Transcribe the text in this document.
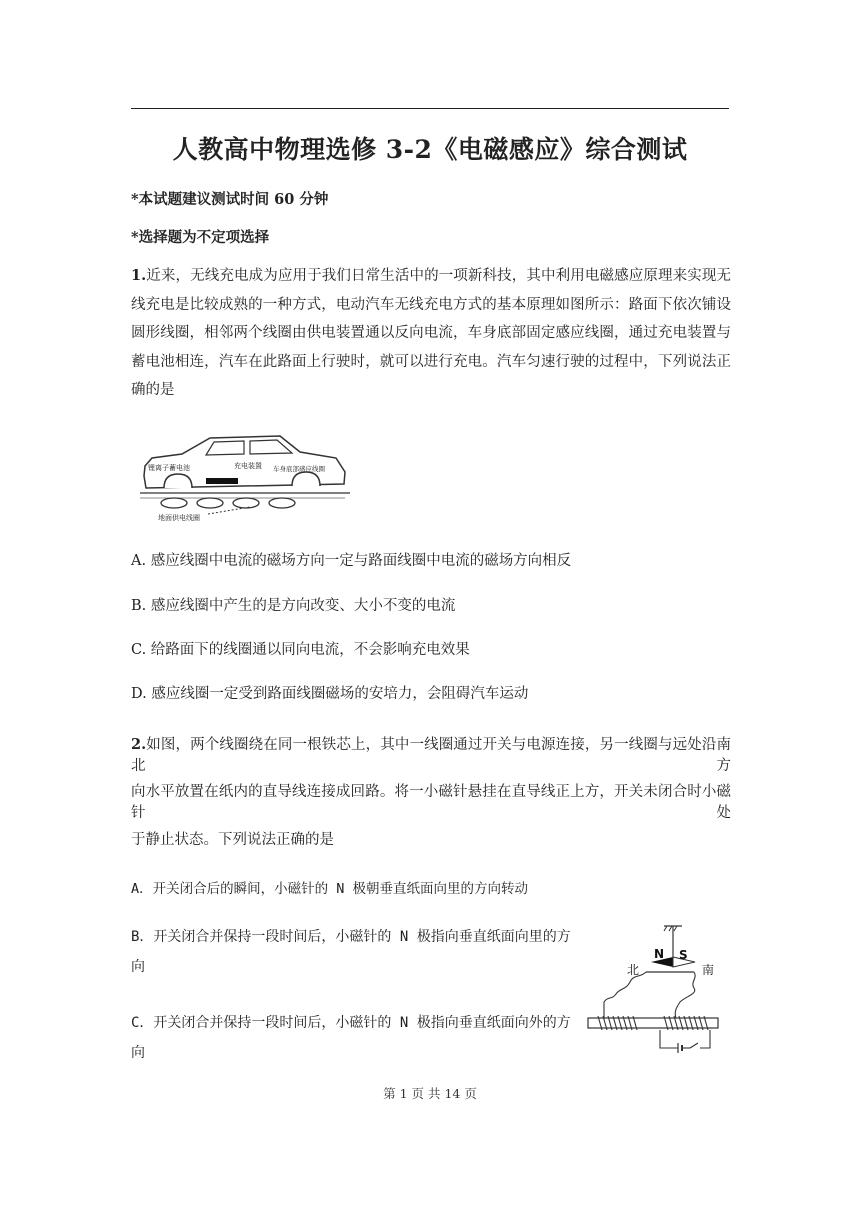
人教高中物理选修 3-2《电磁感应》综合测试
*本试题建议测试时间 60 分钟
*选择题为不定项选择
1.近来，无线充电成为应用于我们日常生活中的一项新科技，其中利用电磁感应原理来实现无线充电是比较成熟的一种方式，电动汽车无线充电方式的基本原理如图所示：路面下依次铺设圆形线圈，相邻两个线圈由供电装置通以反向电流，车身底部固定感应线圈，通过充电装置与蓄电池相连，汽车在此路面上行驶时，就可以进行充电。汽车匀速行驶的过程中，下列说法正确的是
锂离子蓄电池	充电装置 车身底部感应线圈
地面供电线圈
A. 感应线圈中电流的磁场方向一定与路面线圈中电流的磁场方向相反
B. 感应线圈中产生的是方向改变、大小不变的电流
C. 给路面下的线圈通以同向电流，不会影响充电效果
D. 感应线圈一定受到路面线圈磁场的安培力，会阻碍汽车运动
2.如图，两个线圈绕在同一根铁芯上，其中一线圈通过开关与电源连接，另一线圈与远处沿南北方
向水平放置在纸内的直导线连接成回路。将一小磁针悬挂在直导线正上方，开关未闭合时小磁针处
于静止状态。下列说法正确的是
A．开关闭合后的瞬间，小磁针的 N 极朝垂直纸面向里的方向转动
B．开关闭合并保持一段时间后，小磁针的 N 极指向垂直纸面向里的方向
C．开关闭合并保持一段时间后，小磁针的 N 极指向垂直纸面向外的方向
N S
北	南
第 1 页 共 14 页
